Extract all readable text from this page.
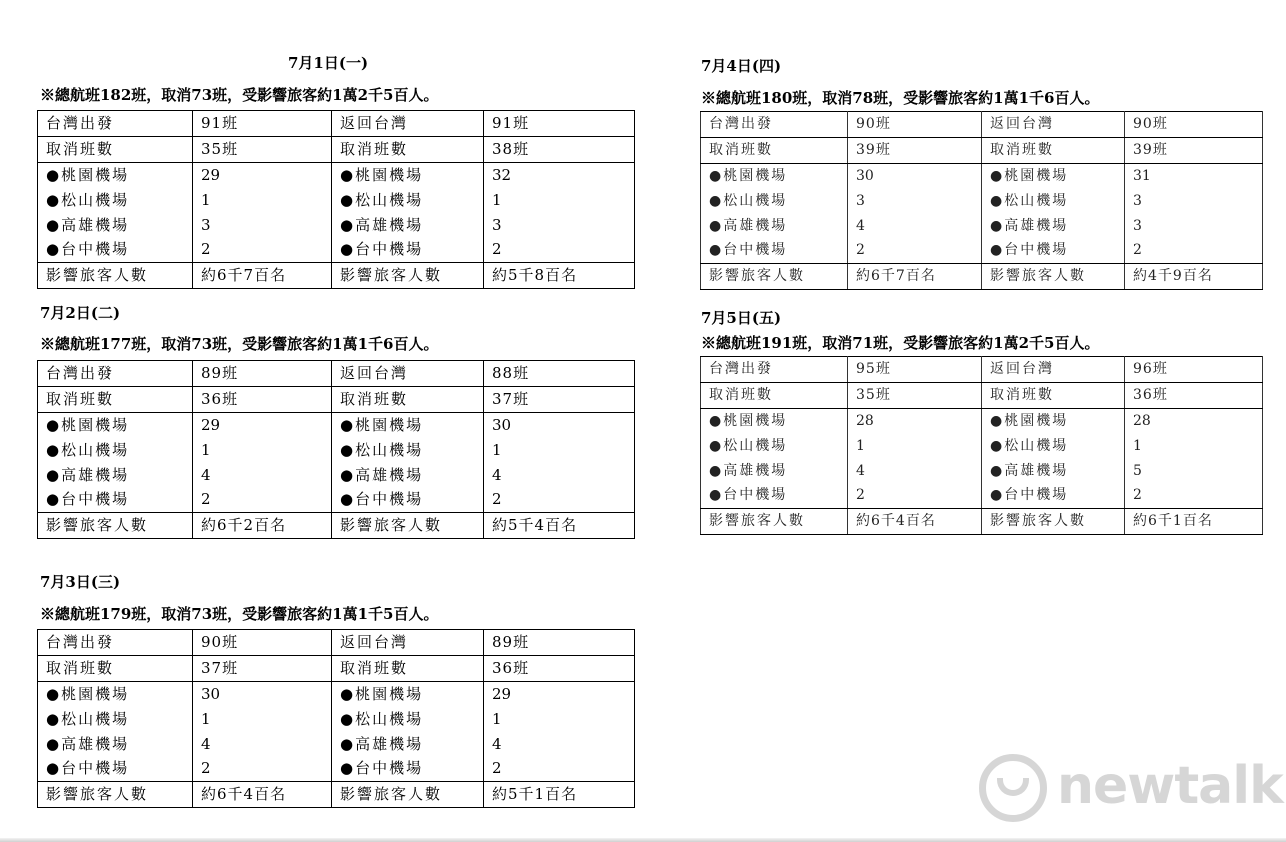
7月1日(一)
※總航班182班，取消73班，受影響旅客約1萬2千5百人。
台灣出發	91班	返回台灣	91班
取消班數	35班	取消班數	38班
●桃園機場	29	●桃園機場	32
●松山機場	1	●松山機場	1
●高雄機場	3	●高雄機場	3
●台中機場	2	●台中機場	2
影響旅客人數	約6千7百名	影響旅客人數	約5千8百名
7月2日(二)
※總航班177班，取消73班，受影響旅客約1萬1千6百人。
台灣出發	89班	返回台灣	88班
取消班數	36班	取消班數	37班
●桃園機場	29	●桃園機場	30
●松山機場	1	●松山機場	1
●高雄機場	4	●高雄機場	4
●台中機場	2	●台中機場	2
影響旅客人數	約6千2百名	影響旅客人數	約5千4百名
7月3日(三)
※總航班179班，取消73班，受影響旅客約1萬1千5百人。
台灣出發	90班	返回台灣	89班
取消班數	37班	取消班數	36班
●桃園機場	30	●桃園機場	29
●松山機場	1	●松山機場	1
●高雄機場	4	●高雄機場	4
●台中機場	2	●台中機場	2
影響旅客人數	約6千4百名	影響旅客人數	約5千1百名
7月4日(四)
※總航班180班，取消78班，受影響旅客約1萬1千6百人。
台灣出發	90班	返回台灣	90班
取消班數	39班	取消班數	39班
●桃園機場	30	●桃園機場	31
●松山機場	3	●松山機場	3
●高雄機場	4	●高雄機場	3
●台中機場	2	●台中機場	2
影響旅客人數	約6千7百名	影響旅客人數	約4千9百名
7月5日(五)
※總航班191班，取消71班，受影響旅客約1萬2千5百人。
台灣出發	95班	返回台灣	96班
取消班數	35班	取消班數	36班
●桃園機場	28	●桃園機場	28
●松山機場	1	●松山機場	1
●高雄機場	4	●高雄機場	5
●台中機場	2	●台中機場	2
影響旅客人數	約6千4百名	影響旅客人數	約6千1百名
newtalk
